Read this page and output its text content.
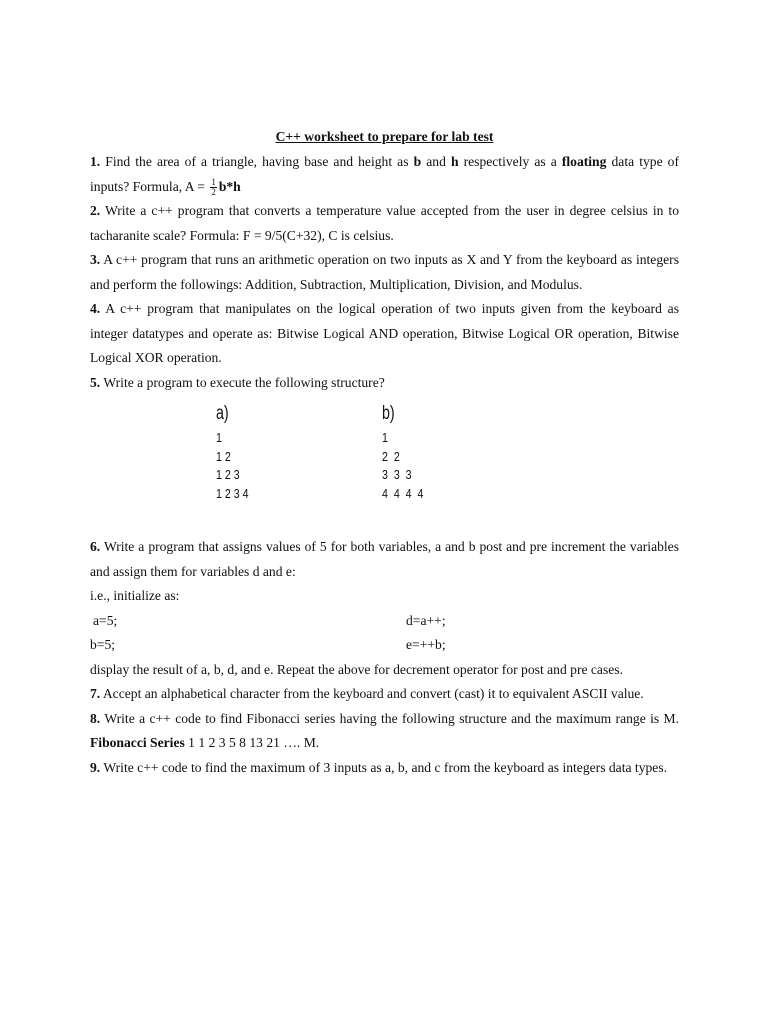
C++ worksheet to prepare for lab test

1. Find the area of a triangle, having base and height as b and h respectively as a floating data type of inputs? Formula, $A = \frac{1}{2} b*h$

2. Write a c++ program that converts a temperature value accepted from the user in degree celsius in to tacharanite scale? Formula: F = 9/5(C+32), C is celsius.

3. A c++ program that runs an arithmetic operation on two inputs as X and Y from the keyboard as integers and perform the followings: Addition, Subtraction, Multiplication, Division, and Modulus.

4. A c++ program that manipulates on the logical operation of two inputs given from the keyboard as integer datatypes and operate as: Bitwise Logical AND operation, Bitwise Logical OR operation, Bitwise Logical XOR operation.

5. Write a program to execute the following structure?

a)
1
1 2
1 2 3
1 2 3 4
b)
1
2  2
3  3  3
4  4  4  4

6. Write a program that assigns values of 5 for both variables, a and b post and pre increment the variables and assign them for variables d and e:

i.e., initialize as:

a=5;	d=a++;
b=5;	e=++b;

display the result of a, b, d, and e. Repeat the above for decrement operator for post and pre cases.

7. Accept an alphabetical character from the keyboard and convert (cast) it to equivalent ASCII value.

8. Write a c++ code to find Fibonacci series having the following structure and the maximum range is M. Fibonacci Series 1 1 2 3 5 8 13 21 …. M.

9. Write c++ code to find the maximum of 3 inputs as a, b, and c from the keyboard as integers data types.
